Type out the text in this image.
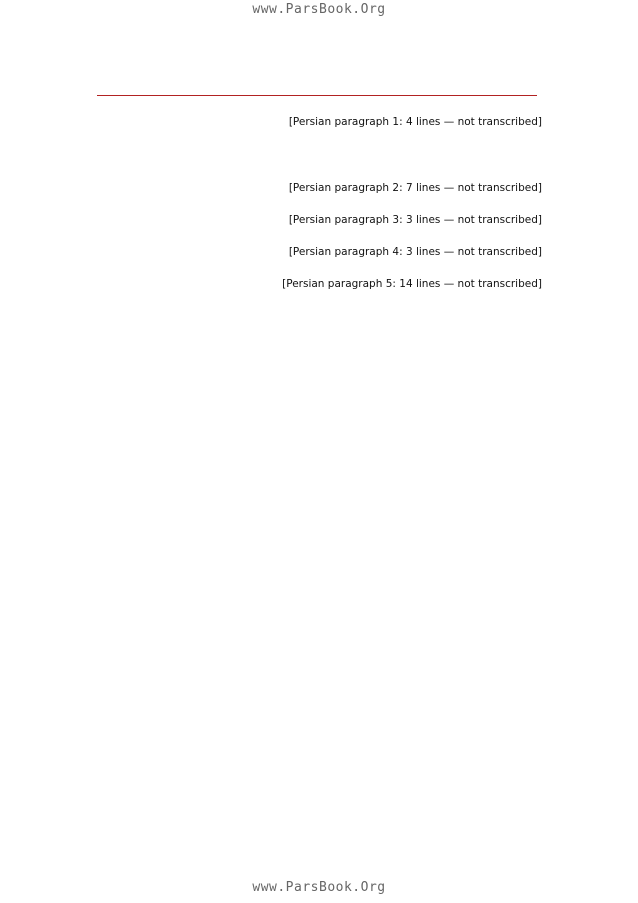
www.ParsBook.Org

[Persian paragraph 1: 4 lines — not transcribed]

[Persian paragraph 2: 7 lines — not transcribed]

[Persian paragraph 3: 3 lines — not transcribed]

[Persian paragraph 4: 3 lines — not transcribed]

[Persian paragraph 5: 14 lines — not transcribed]

www.ParsBook.Org
